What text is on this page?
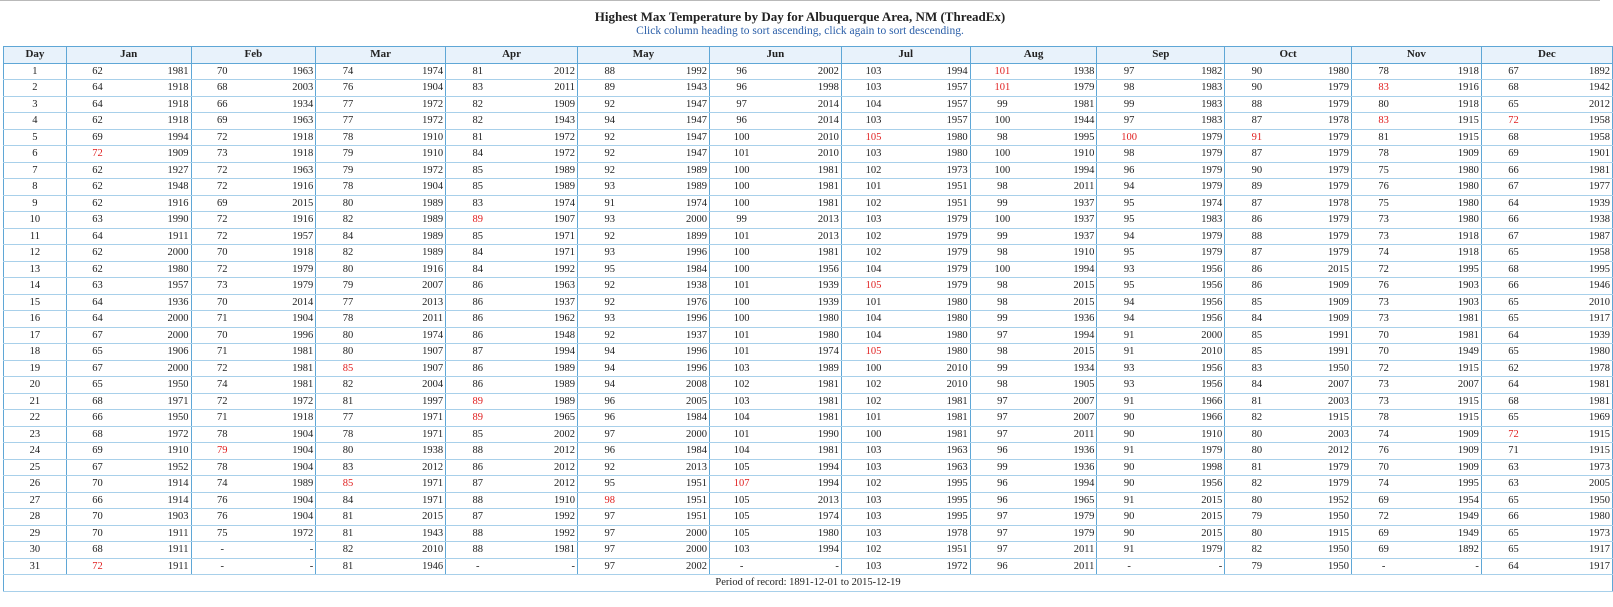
Highest Max Temperature by Day for Albuquerque Area, NM (ThreadEx)
Click column heading to sort ascending, click again to sort descending.
Day	Jan		Feb		Mar		Apr		May		Jun		Jul		Aug		Sep		Oct		Nov		Dec	
1	62	1981	70	1963	74	1974	81	2012	88	1992	96	2002	103	1994	101	1938	97	1982	90	1980	78	1918	67	1892
2	64	1918	68	2003	76	1904	83	2011	89	1943	96	1998	103	1957	101	1979	98	1983	90	1979	83	1916	68	1942
3	64	1918	66	1934	77	1972	82	1909	92	1947	97	2014	104	1957	99	1981	99	1983	88	1979	80	1918	65	2012
4	62	1918	69	1963	77	1972	82	1943	94	1947	96	2014	103	1957	100	1944	97	1983	87	1978	83	1915	72	1958
5	69	1994	72	1918	78	1910	81	1972	92	1947	100	2010	105	1980	98	1995	100	1979	91	1979	81	1915	68	1958
6	72	1909	73	1918	79	1910	84	1972	92	1947	101	2010	103	1980	100	1910	98	1979	87	1979	78	1909	69	1901
7	62	1927	72	1963	79	1972	85	1989	92	1989	100	1981	102	1973	100	1994	96	1979	90	1979	75	1980	66	1981
8	62	1948	72	1916	78	1904	85	1989	93	1989	100	1981	101	1951	98	2011	94	1979	89	1979	76	1980	67	1977
9	62	1916	69	2015	80	1989	83	1974	91	1974	100	1981	102	1951	99	1937	95	1974	87	1978	75	1980	64	1939
10	63	1990	72	1916	82	1989	89	1907	93	2000	99	2013	103	1979	100	1937	95	1983	86	1979	73	1980	66	1938
11	64	1911	72	1957	84	1989	85	1971	92	1899	101	2013	102	1979	99	1937	94	1979	88	1979	73	1918	67	1987
12	62	2000	70	1918	82	1989	84	1971	93	1996	100	1981	102	1979	98	1910	95	1979	87	1979	74	1918	65	1958
13	62	1980	72	1979	80	1916	84	1992	95	1984	100	1956	104	1979	100	1994	93	1956	86	2015	72	1995	68	1995
14	63	1957	73	1979	79	2007	86	1963	92	1938	101	1939	105	1979	98	2015	95	1956	86	1909	76	1903	66	1946
15	64	1936	70	2014	77	2013	86	1937	92	1976	100	1939	101	1980	98	2015	94	1956	85	1909	73	1903	65	2010
16	64	2000	71	1904	78	2011	86	1962	93	1996	100	1980	104	1980	99	1936	94	1956	84	1909	73	1981	65	1917
17	67	2000	70	1996	80	1974	86	1948	92	1937	101	1980	104	1980	97	1994	91	2000	85	1991	70	1981	64	1939
18	65	1906	71	1981	80	1907	87	1994	94	1996	101	1974	105	1980	98	2015	91	2010	85	1991	70	1949	65	1980
19	67	2000	72	1981	85	1907	86	1989	94	1996	103	1989	100	2010	99	1934	93	1956	83	1950	72	1915	62	1978
20	65	1950	74	1981	82	2004	86	1989	94	2008	102	1981	102	2010	98	1905	93	1956	84	2007	73	2007	64	1981
21	68	1971	72	1972	81	1997	89	1989	96	2005	103	1981	102	1981	97	2007	91	1966	81	2003	73	1915	68	1981
22	66	1950	71	1918	77	1971	89	1965	96	1984	104	1981	101	1981	97	2007	90	1966	82	1915	78	1915	65	1969
23	68	1972	78	1904	78	1971	85	2002	97	2000	101	1990	100	1981	97	2011	90	1910	80	2003	74	1909	72	1915
24	69	1910	79	1904	80	1938	88	2012	96	1984	104	1981	103	1963	96	1936	91	1979	80	2012	76	1909	71	1915
25	67	1952	78	1904	83	2012	86	2012	92	2013	105	1994	103	1963	99	1936	90	1998	81	1979	70	1909	63	1973
26	70	1914	74	1989	85	1971	87	2012	95	1951	107	1994	102	1995	96	1994	90	1956	82	1979	74	1995	63	2005
27	66	1914	76	1904	84	1971	88	1910	98	1951	105	2013	103	1995	96	1965	91	2015	80	1952	69	1954	65	1950
28	70	1903	76	1904	81	2015	87	1992	97	1951	105	1974	103	1995	97	1979	90	2015	79	1950	72	1949	66	1980
29	70	1911	75	1972	81	1943	88	1992	97	2000	105	1980	103	1978	97	1979	90	2015	80	1915	69	1949	65	1973
30	68	1911	-	-	82	2010	88	1981	97	2000	103	1994	102	1951	97	2011	91	1979	82	1950	69	1892	65	1917
31	72	1911	-	-	81	1946	-	-	97	2002	-	-	103	1972	96	2011	-	-	79	1950	-	-	64	1917
Period of record: 1891-12-01 to 2015-12-19																								
